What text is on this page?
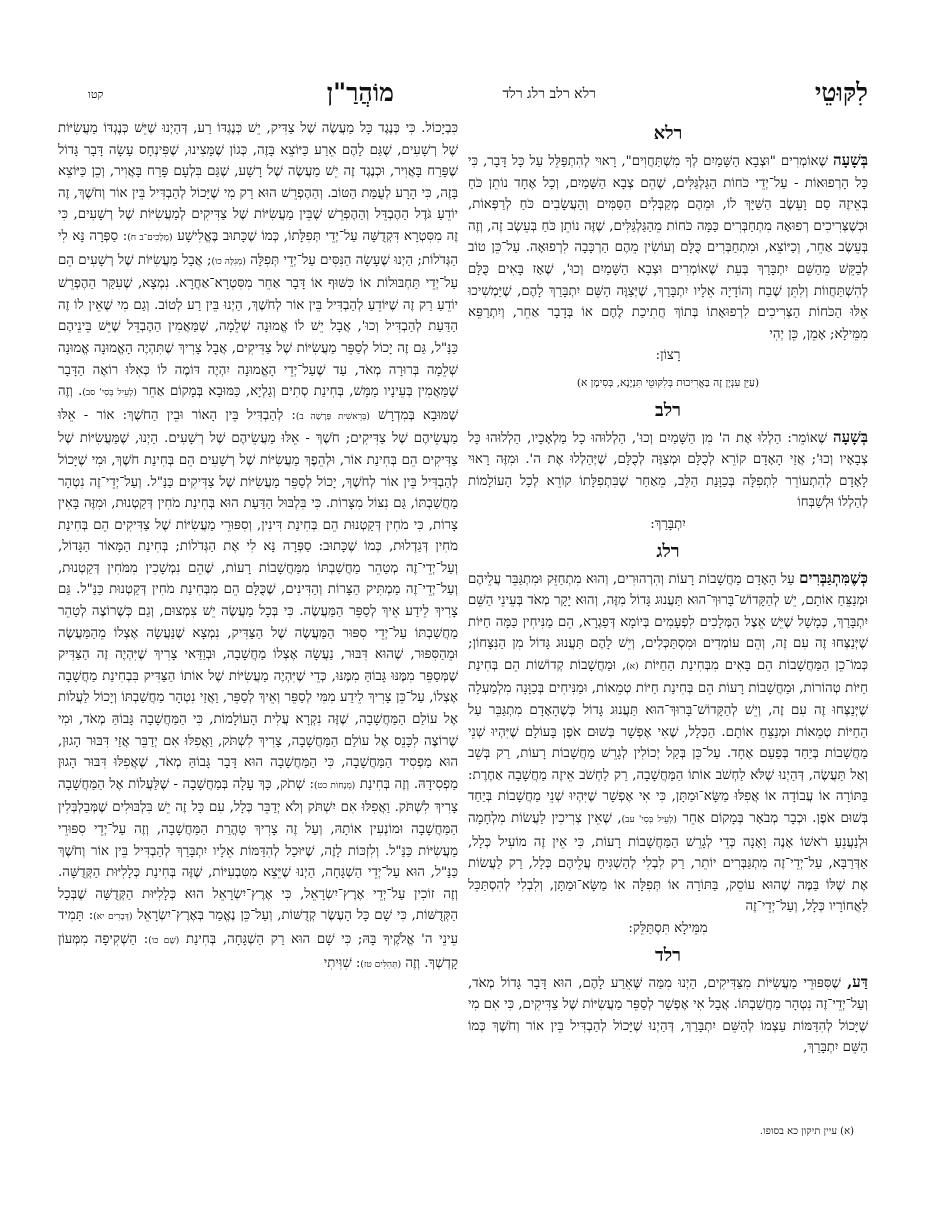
לִקּוּטֵי
רלא רלב רלג רלד
מוֹהֲרַ"ן
קטו
רלא

בְּשָׁעָה שֶׁאוֹמְרִים "וּצְבָא הַשָּׁמַיִם לְךָ מִשְׁתַּחֲוִים", רָאוּי לְהִתְפַּלֵּל עַל כָּל דָּבָר, כִּי כָּל הָרְפוּאוֹת - עַל־יְדֵי כֹּחוֹת הַגַּלְגַּלִּים, שֶׁהֵם צְבָא הַשָּׁמַיִם, וְכָל אֶחָד נוֹתֵן כֹּחַ בְּאֵיזֶה סַם וָעֵשֶׂב הַשַּׁיָּךְ לוֹ, וּמֵהֶם מְקַבְּלִים הַסַּמִּים וְהָעֲשָׂבִים כֹּחַ לְרַפְּאוֹת, וּכְשֶׁצְּרִיכִים רְפוּאָה מִתְחַבְּרִים כַּמָּה כֹּחוֹת מֵהַגַּלְגַּלִּים, שֶׁזֶּה נוֹתֵן כֹּחַ בְּעֵשֶׂב זֶה, וְזֶה בְּעֵשֶׂב אַחֵר, וְכַיּוֹצֵא, וּמִתְחַבְּרִים כֻּלָּם וְעוֹשִׂין מֵהֶם הַרְכָּבָה לִרְפוּאָה. עַל־כֵּן טוֹב לְבַקֵּשׁ מֵהַשֵּׁם יִתְבָּרַךְ בְּעֵת שֶׁאוֹמְרִים וּצְבָא הַשָּׁמַיִם וְכוּ', שֶׁאָז בָּאִים כֻּלָּם לְהִשְׁתַּחֲווֹת וְלִתֵּן שֶׁבַח וְהוֹדָיָה אֵלָיו יִתְבָּרַךְ, שֶׁיְּצַוֶּה הַשֵּׁם יִתְבָּרַךְ לָהֶם, שֶׁיַּמְשִׁיכוּ אֵלּוּ הַכֹּחוֹת הַצְּרִיכִים לִרְפוּאָתוֹ בְּתוֹךְ חֲתִיכַת לֶחֶם אוֹ בְּדָבָר אַחֵר, וְיִתְרַפֵּא מִמֵּילָא; אָמֵן, כֵּן יְהִי

רָצוֹן:
(עַיֵּן עִנְיָן זֶה בַּאֲרִיכוּת בְּלִקּוּטֵי תִּנְיָנָא, בְּסִימָן א)
רלב

בְּשָׁעָה שֶׁאוֹמֵר: הַלְלוּ אֶת ה' מִן הַשָּׁמַיִם וְכוּ', הַלְלוּהוּ כָל מַלְאָכָיו, הַלְלוּהוּ כָּל צְבָאָיו וְכוּ'; אֲזַי הָאָדָם קוֹרֵא לְכֻלָּם וּמְצַוֶּה לְכֻלָּם, שֶׁיְּהַלְלוּ אֶת ה'. וּמִזֶּה רָאוּי לָאָדָם לְהִתְעוֹרֵר לִתְפִלָּה בְּכַוָּנַת הַלֵּב, מֵאַחַר שֶׁבִּתְפִלָּתוֹ קוֹרֵא לְכָל הָעוֹלָמוֹת לְהַלְלוֹ וּלְשַׁבְּחוֹ

יִתְבָּרַךְ:
רלג

כְּשֶׁמִּתְגַּבְּרִים עַל הָאָדָם מַחֲשָׁבוֹת רָעוֹת וְהִרְהוּרִים, וְהוּא מִתְחַזֵּק וּמִתְגַּבֵּר עֲלֵיהֶם וּמְנַצֵּחַ אוֹתָם, יֵשׁ לְהַקָּדוֹשׁ־בָּרוּךְ־הוּא תַּעֲנוּג גָּדוֹל מִזֶּה, וְהוּא יָקָר מְאֹד בְּעֵינֵי הַשֵּׁם יִתְבָּרַךְ, כְּמָשָׁל שֶׁיֵּשׁ אֵצֶל הַמְּלָכִים לִפְעָמִים בְּיוֹמָא דְּפַגְרָא, הֵם מַנִּיחִין כַּמָּה חַיּוֹת שֶׁיְּנַצְּחוּ זֶה עִם זֶה, וְהֵם עוֹמְדִים וּמִסְתַּכְּלִים, וְיֵשׁ לָהֶם תַּעֲנוּג גָּדוֹל מִן הַנִּצָּחוֹן; כְּמוֹ־כֵן הַמַּחֲשָׁבוֹת הֵם בָּאִים מִבְּחִינַת הַחַיּוֹת (א), וּמַחֲשָׁבוֹת קְדוֹשׁוֹת הֵם בְּחִינַת חַיּוֹת טְהוֹרוֹת, וּמַחֲשָׁבוֹת רָעוֹת הֵם בְּחִינַת חַיּוֹת טְמֵאוֹת, וּמַנִּיחִים בְּכַוָּנָה מִלְמַעְלָה שֶׁיְּנַצְּחוּ זֶה עִם זֶה, וְיֵשׁ לְהַקָּדוֹשׁ־בָּרוּךְ־הוּא תַּעֲנוּג גָּדוֹל כְּשֶׁהָאָדָם מִתְגַּבֵּר עַל הַחַיּוֹת טְמֵאוֹת וּמְנַצֵּחַ אוֹתָם. הַכְּלָל, שֶׁאִי אֶפְשָׁר בְּשׁוּם אֹפֶן בָּעוֹלָם שֶׁיִּהְיוּ שְׁנֵי מַחֲשָׁבוֹת בְּיַחַד בְּפַעַם אֶחָד. עַל־כֵּן בְּקַל יְכוֹלִין לְגָרֵשׁ מַחֲשָׁבוֹת רָעוֹת, רַק בְּשֵׁב וְאַל תַּעֲשֶׂה, דְּהַיְנוּ שֶׁלֹּא לַחְשֹׁב אוֹתוֹ הַמַּחֲשָׁבָה, רַק לַחְשֹׁב אֵיזֶה מַחֲשָׁבָה אַחֶרֶת: בַּתּוֹרָה אוֹ עֲבוֹדָה אוֹ אֲפִלּוּ מַשָּׂא־וּמַתָּן, כִּי אִי אֶפְשָׁר שֶׁיִּהְיוּ שְׁנֵי מַחֲשָׁבוֹת בְּיַחַד בְּשׁוּם אֹפֶן. וּכְבָר מְבֹאָר בְּמָקוֹם אַחֵר (לְעֵיל בְּסִי' עב), שֶׁאֵין צְרִיכִין לַעֲשׂוֹת מִלְחָמָה וּלְנַעֲנֵעַ רֹאשׁוֹ אָנֶה וָאָנָה כְּדֵי לְגָרֵשׁ הַמַּחֲשָׁבוֹת רָעוֹת, כִּי אֵין זֶה מוֹעִיל כְּלָל, אַדְּרַבָּא, עַל־יְדֵי־זֶה מִתְגַּבְּרִים יוֹתֵר, רַק לִבְלִי לְהַשְׁגִּיחַ עֲלֵיהֶם כְּלָל, רַק לַעֲשׂוֹת אֶת שֶׁלּוֹ בַּמֶּה שֶׁהוּא עוֹסֵק, בַּתּוֹרָה אוֹ תְּפִלָּה אוֹ מַשָּׂא־וּמַתָּן, וְלִבְלִי לְהִסְתַּכֵּל לַאֲחוֹרָיו כְּלָל, וְעַל־יְדֵי־זֶה

מִמֵּילָא תִּסְתַּלֵּק:
רלד

דַּע, שֶׁסִּפּוּרֵי מַעֲשִׂיּוֹת מִצַּדִּיקִים, הַיְנוּ מִמַּה שֶּׁאֵרַע לָהֶם, הוּא דָּבָר גָּדוֹל מְאֹד, וְעַל־יְדֵי־זֶה נִטְהָר מַחֲשַׁבְתּוֹ. אֲבָל אִי אֶפְשָׁר לְסַפֵּר מַעֲשִׂיּוֹת שֶׁל צַדִּיקִים, כִּי אִם מִי שֶׁיָּכוֹל לְהִדַּמּוֹת עַצְמוֹ לְהַשֵּׁם יִתְבָּרַךְ, דְּהַיְנוּ שֶׁיָּכוֹל לְהַבְדִּיל בֵּין אוֹר וְחֹשֶׁךְ כְּמוֹ הַשֵּׁם יִתְבָּרַךְ,

כִּבְיָכוֹל. כִּי כְּנֶגֶד כָּל מַעֲשֶׂה שֶׁל צַדִּיק, יֵשׁ כְּנֶגְדּוֹ רַע, דְּהַיְנוּ שֶׁיֵּשׁ כְּנֶגְדּוֹ מַעֲשִׂיּוֹת שֶׁל רְשָׁעִים, שֶׁגַּם לָהֶם אֵרַע כַּיּוֹצֵא בָּזֶה, כְּגוֹן שֶׁמָּצִינוּ, שֶׁפִּינְחָס עָשָׂה דָּבָר גָּדוֹל שֶׁפָּרַח בָּאֲוִיר, וּכְנֶגֶד זֶה יֵשׁ מַעֲשֶׂה שֶׁל רָשָׁע, שֶׁגַּם בִּלְעָם פָּרַח בָּאֲוִיר, וְכֵן כַּיּוֹצֵא בָּזֶה, כִּי הָרָע לְעֻמַּת הַטּוֹב. וְהַהֶפְרֵשׁ הוּא רַק מִי שֶׁיָּכוֹל לְהַבְדִּיל בֵּין אוֹר וְחֹשֶׁךְ, זֶה יוֹדֵעַ גֹּדֶל הַהֶבְדֵּל וְהַהֶפְרֵשׁ שֶׁבֵּין מַעֲשִׂיּוֹת שֶׁל צַדִּיקִים לְמַעֲשִׂיּוֹת שֶׁל רְשָׁעִים, כִּי זֶה מִסִּטְרָא דִּקְדֻשָּׁה עַל־יְדֵי תְּפִלָּתוֹ, כְּמוֹ שֶׁכָּתוּב בֶּאֱלִישָׁע (מְלָכִים־ב ח): סַפְּרָה נָּא לִי הַגְּדֹלוֹת; הַיְנוּ שֶׁעָשָׂה הַנִּסִּים עַל־יְדֵי תְּפִלָּה (מְגִלָּה כו); אֲבָל מַעֲשִׂיּוֹת שֶׁל רְשָׁעִים הֵם עַל־יְדֵי תַּחְבּוּלוֹת אוֹ כִּשּׁוּף אוֹ דָּבָר אַחֵר מִסִּטְרָא־אַחֲרָא. נִמְצָא, שֶׁעִקַּר הַהֶפְרֵשׁ יוֹדֵעַ רַק זֶה שֶׁיּוֹדֵעַ לְהַבְדִּיל בֵּין אוֹר לְחֹשֶׁךְ, הַיְנוּ בֵּין רַע לְטוֹב. וְגַם מִי שֶׁאֵין לוֹ זֶה הַדַּעַת לְהַבְדִּיל וְכוּ', אֲבָל יֵשׁ לוֹ אֱמוּנָה שְׁלֵמָה, שֶׁמַּאֲמִין הַהֶבְדֵּל שֶׁיֵּשׁ בֵּינֵיהֶם כַּנַּ"ל, גַּם זֶה יָכוֹל לְסַפֵּר מַעֲשִׂיּוֹת שֶׁל צַדִּיקִים, אֲבָל צָרִיךְ שֶׁתִּהְיֶה הָאֱמוּנָה אֱמוּנָה שְׁלֵמָה בְּרוּרָה מְאֹד, עַד שֶׁעַל־יְדֵי הָאֱמוּנָה יִהְיֶה דּוֹמֶה לוֹ כְּאִלּוּ רוֹאֶה הַדָּבָר שֶׁמַּאֲמִין בְּעֵינָיו מַמָּשׁ, בְּחִינַת סְתִים וְגַלְיָא, כַּמּוּבָא בְּמָקוֹם אַחֵר (לְעֵיל בְּסִי' סב). וְזֶה שֶׁמּוּבָא בְּמִדְרָשׁ (בְּרֵאשִׁית פָּרָשָׁה ב): לְהַבְדִּיל בֵּין הָאוֹר וּבֵין הַחֹשֶׁךְ: אוֹר - אֵלּוּ מַעֲשֵׂיהֶם שֶׁל צַדִּיקִים; חֹשֶׁךְ - אֵלּוּ מַעֲשֵׂיהֶם שֶׁל רְשָׁעִים. הַיְנוּ, שֶׁמַּעֲשִׂיּוֹת שֶׁל צַדִּיקִים הֵם בְּחִינַת אוֹר, וּלְהֵפֶךְ מַעֲשִׂיּוֹת שֶׁל רְשָׁעִים הֵם בְּחִינַת חֹשֶׁךְ, וּמִי שֶׁיָּכוֹל לְהַבְדִּיל בֵּין אוֹר לְחֹשֶׁךְ, יָכוֹל לְסַפֵּר מַעֲשִׂיּוֹת שֶׁל צַדִּיקִים כַּנַּ"ל. וְעַל־יְדֵי־זֶה נִטְהָר מַחֲשַׁבְתּוֹ, גַּם נִצּוֹל מִצָּרוֹת. כִּי בִּלְבּוּל הַדַּעַת הוּא בְּחִינַת מֹחִין דְּקַטְנוּת, וּמִזֶּה בָּאִין צָרוֹת, כִּי מֹחִין דְּקַטְנוּת הֵם בְּחִינַת דִּינִין, וְסִפּוּרֵי מַעֲשִׂיּוֹת שֶׁל צַדִּיקִים הֵם בְּחִינַת מֹחִין דְּגַדְלוּת, כְּמוֹ שֶׁכָּתוּב: סַפְּרָה נָּא לִי אֶת הַגְּדֹלוֹת; בְּחִינַת הַמָּאוֹר הַגָּדוֹל, וְעַל־יְדֵי־זֶה מְטַהֵר מַחֲשַׁבְתּוֹ מִמַּחֲשָׁבוֹת רָעוֹת, שֶׁהֵם נִמְשָׁכִין מִמֹּחִין דְּקַטְנוּת, וְעַל־יְדֵי־זֶה מַמְתִּיק הַצָּרוֹת וְהַדִּינִים, שֶׁכֻּלָּם הֵם מִבְּחִינַת מֹחִין דְּקַטְנוּת כַּנַּ"ל. גַּם צָרִיךְ לֵידַע אֵיךְ לְסַפֵּר הַמַּעֲשֶׂה. כִּי בְּכָל מַעֲשֶׂה יֵשׁ צִמְצוּם, וְגַם כְּשֶׁרוֹצֶה לְטַהֵר מַחֲשַׁבְתּוֹ עַל־יְדֵי סִפּוּר הַמַּעֲשֶׂה שֶׁל הַצַּדִּיק, נִמְצָא שֶׁנַּעֲשָׂה אֶצְלוֹ מֵהַמַּעֲשֶׂה וּמֵהַסִּפּוּר, שֶׁהוּא דִּבּוּר, נַעֲשָׂה אֶצְלוֹ מַחֲשָׁבָה, וּבְוַדַּאי צָרִיךְ שֶׁיִּהְיֶה זֶה הַצַּדִּיק שֶׁמְּסַפֵּר מִמֶּנּוּ גָּבוֹהַּ מִמֶּנּוּ, כְּדֵי שֶׁיִּהְיֶה מַעֲשִׂיּוֹת שֶׁל אוֹתוֹ הַצַּדִּיק בִּבְחִינַת מַחֲשָׁבָה אֶצְלוֹ, עַל־כֵּן צָרִיךְ לֵידַע מִמִּי לְסַפֵּר וְאֵיךְ לְסַפֵּר, וַאֲזַי נִטְהָר מַחֲשַׁבְתּוֹ וְיָכוֹל לַעֲלוֹת אֶל עוֹלַם הַמַּחֲשָׁבָה, שֶׁזֶּה נִקְרָא עֲלִית הָעוֹלָמוֹת, כִּי הַמַּחֲשָׁבָה גָּבוֹהַּ מְאֹד, וּמִי שֶׁרוֹצֶה לִכָּנֵס אֶל עוֹלַם הַמַּחֲשָׁבָה, צָרִיךְ לִשְׁתֹּק, וַאֲפִלּוּ אִם יְדַבֵּר אֲזַי דִּבּוּר הָגוּן, הוּא מַפְסִיד הַמַּחֲשָׁבָה, כִּי הַמַּחֲשָׁבָה הוּא דָּבָר גָּבוֹהַּ מְאֹד, שֶׁאֲפִלּוּ דִּבּוּר הָגוּן מַפְסִידָהּ. וְזֶה בְּחִינַת (מְנָחוֹת כט): שְׁתֹק, כָּךְ עָלָה בְּמַחֲשָׁבָה - שֶׁלַּעֲלוֹת אֶל הַמַּחֲשָׁבָה צָרִיךְ לִשְׁתֹּק. וַאֲפִלּוּ אִם יִשְׁתֹּק וְלֹא יְדַבֵּר כְּלָל, עִם כָּל זֶה יֵשׁ בִּלְבּוּלִים שֶׁמְּבַלְבְּלִין הַמַּחֲשָׁבָה וּמוֹנְעִין אוֹתָהּ, וְעַל זֶה צָרִיךְ טָהֳרַת הַמַּחֲשָׁבָה, וְזֶה עַל־יְדֵי סִפּוּרֵי מַעֲשִׂיּוֹת כַּנַּ"ל. וְלִזְכּוֹת לָזֶה, שֶׁיּוּכַל לְהִדַּמּוֹת אֵלָיו יִתְבָּרַךְ לְהַבְדִּיל בֵּין אוֹר וְחֹשֶׁךְ כַּנַּ"ל, הוּא עַל־יְדֵי הַשְׁגָּחָה, הַיְנוּ שֶׁיֵּצֵא מִטִּבְעִיּוֹת, שֶׁזֶּה בְּחִינַת כְּלָלִיּוּת הַקְּדֻשָּׁה. וְזֶה זוֹכִין עַל־יְדֵי אֶרֶץ־יִשְׂרָאֵל, כִּי אֶרֶץ־יִשְׂרָאֵל הוּא כְּלָלִיּוּת הַקְּדֻשָּׁה שֶׁבְּכָל הַקְּדֻשּׁוֹת, כִּי שָׁם כָּל הָעֶשֶׂר קְדֻשּׁוֹת, וְעַל־כֵּן נֶאֱמַר בְּאֶרֶץ־יִשְׂרָאֵל (דְּבָרִים יא): תָּמִיד עֵינֵי ה' אֱלֹקֶיךָ בָּהּ; כִּי שָׁם הוּא רַק הַשְׁגָּחָה, בְּחִינַת (שָׁם כו): הַשְׁקִיפָה מִמְּעוֹן קָדְשְׁךָ. וְזֶה (תְּהִלִּים טז): שִׁוִּיתִי

(א) עיין תיקון כא בסופו.
